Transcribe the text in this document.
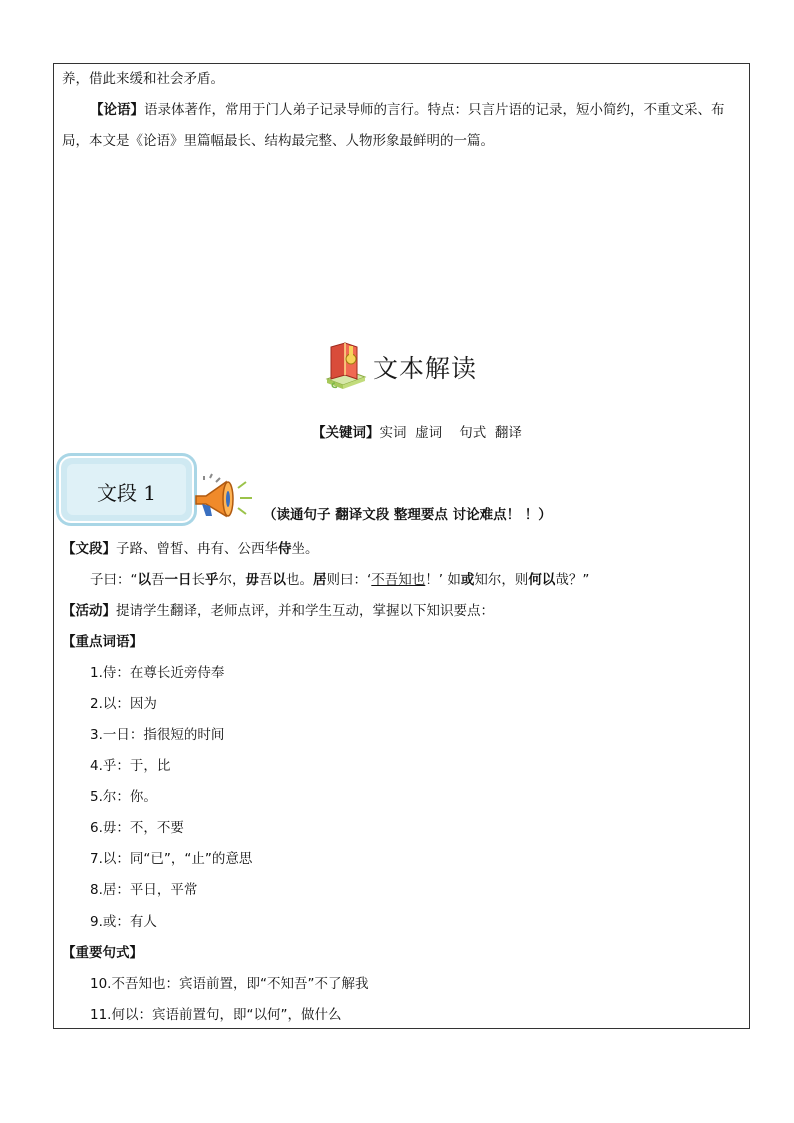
养，借此来缓和社会矛盾。
【论语】语录体著作，常用于门人弟子记录导师的言行。特点：只言片语的记录，短小简约，不重文采、布
局，本文是《论语》里篇幅最长、结构最完整、人物形象最鲜明的一篇。
文本解读
【关键词】实词  虚词    句式  翻译
文段 1
（读通句子 翻译文段 整理要点 讨论难点！ ！）
【文段】子路、曾皙、冉有、公西华侍坐。
子曰：“以吾一日长乎尔，毋吾以也。居则曰：‘不吾知也！’ 如或知尔，则何以哉？”
【活动】提请学生翻译，老师点评，并和学生互动，掌握以下知识要点：
【重点词语】
1.侍：在尊长近旁侍奉
2.以：因为
3.一日：指很短的时间
4.乎：于，比
5.尔：你。
6.毋：不，不要
7.以：同“已”，“止”的意思
8.居：平日，平常
9.或：有人
【重要句式】
10.不吾知也：宾语前置，即“不知吾”不了解我
11.何以：宾语前置句，即“以何”，做什么
